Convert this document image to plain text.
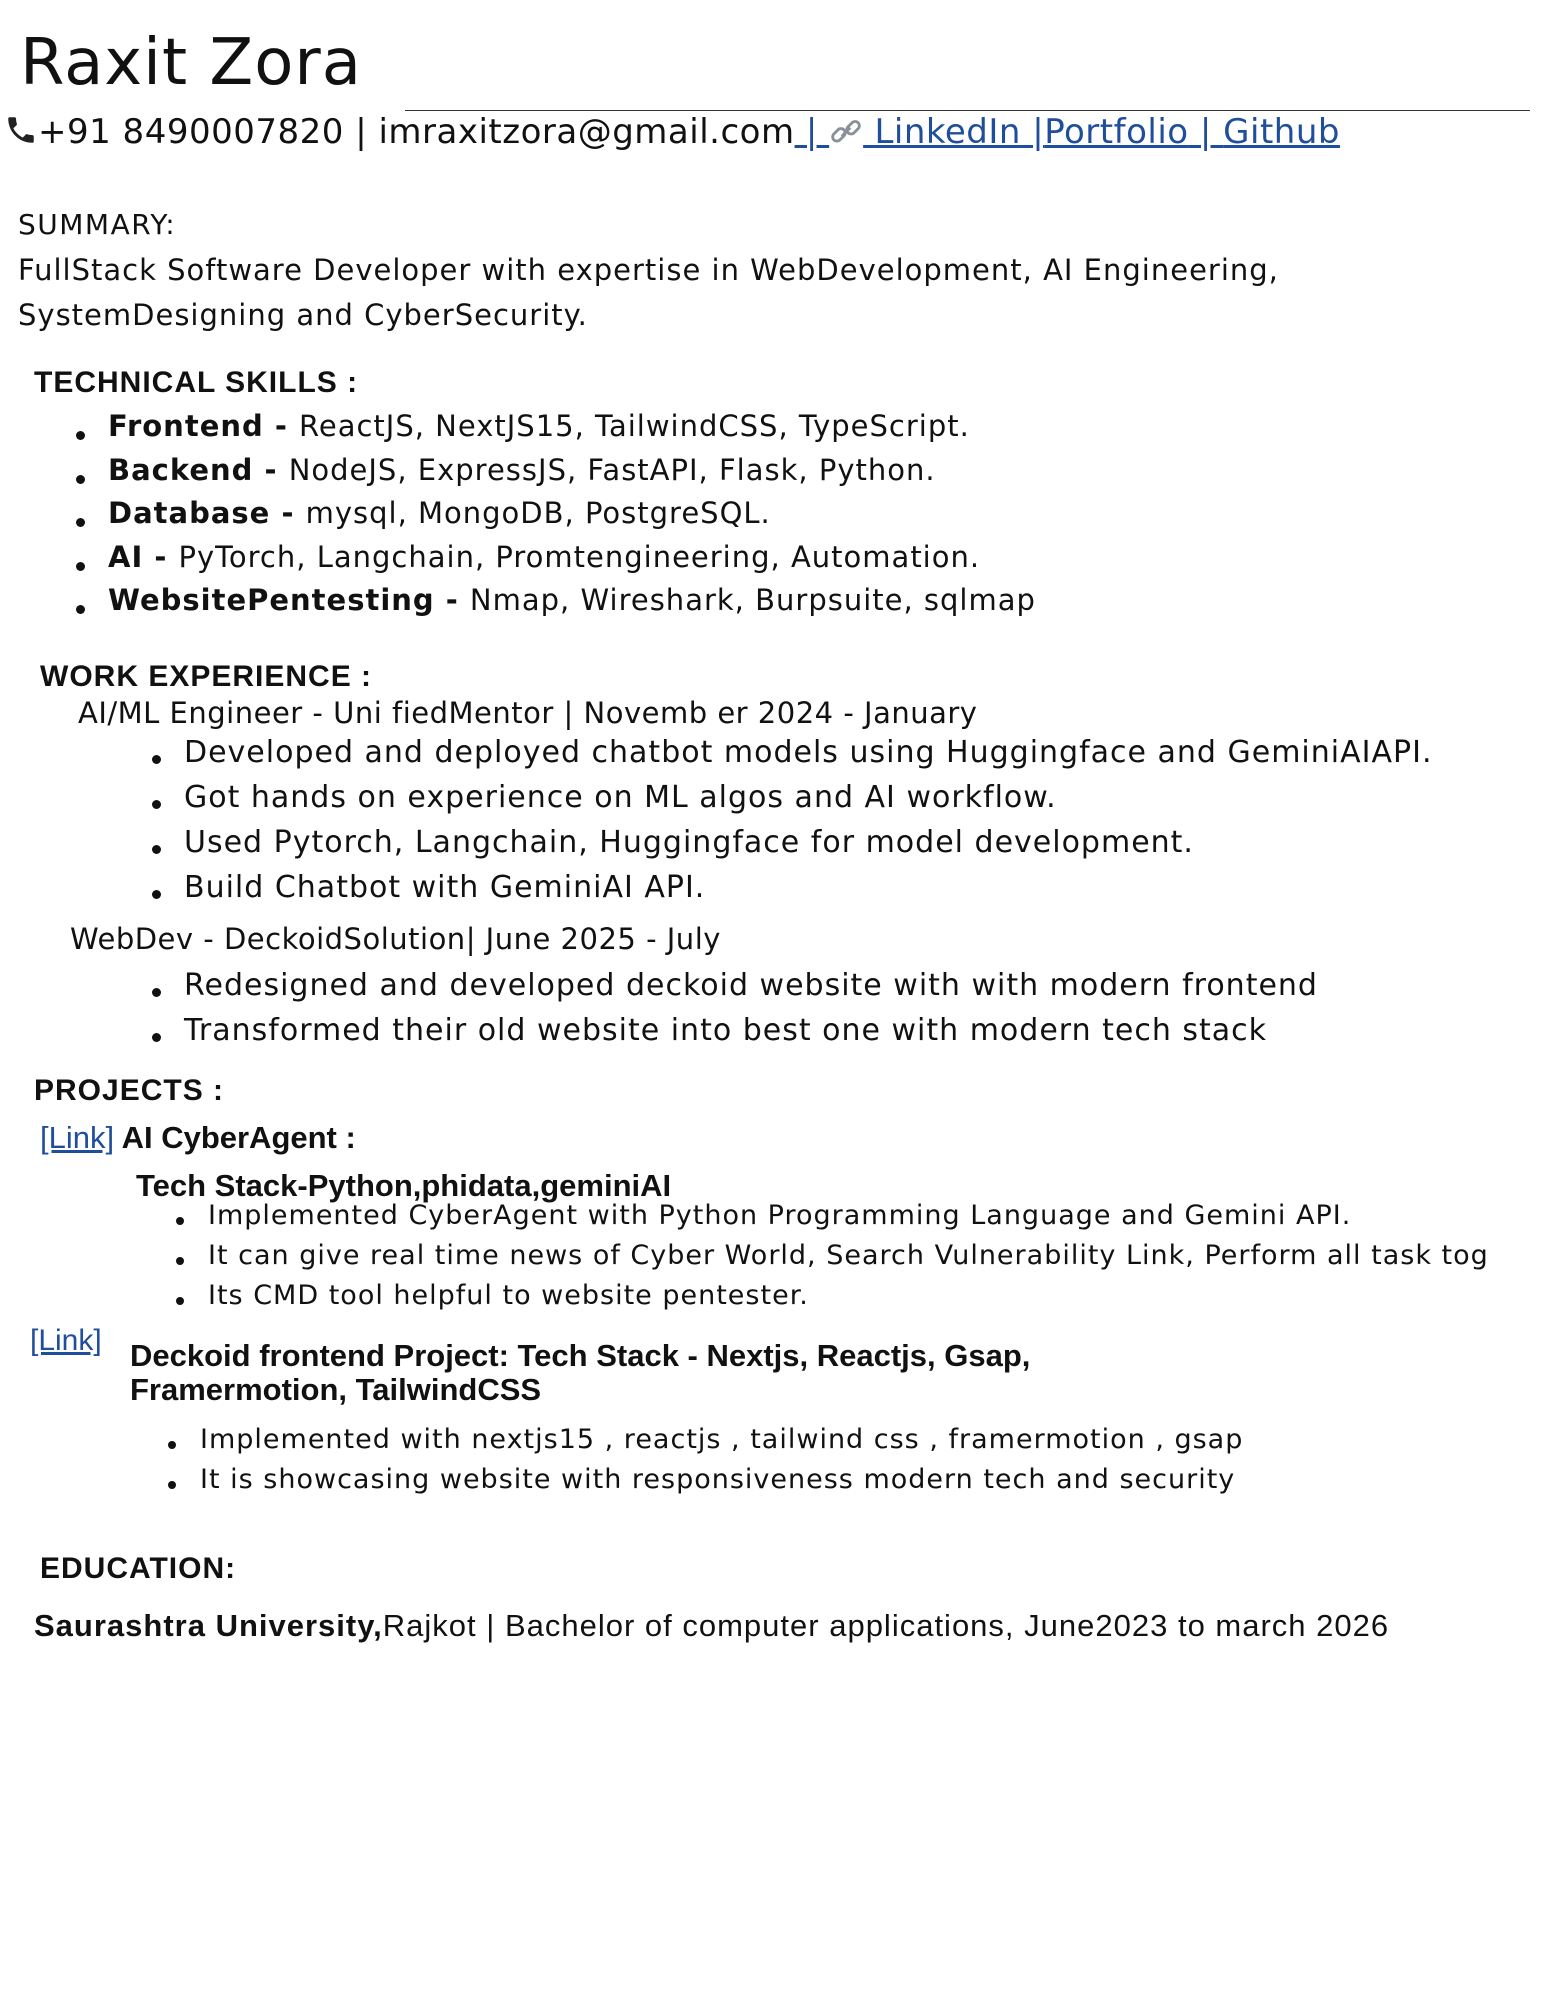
Raxit Zora
+91 8490007820 | imraxitzora@gmail.com |  LinkedIn |Portfolio | Github
SUMMARY:
FullStack Software Developer with expertise in WebDevelopment, AI Engineering, SystemDesigning and CyberSecurity.
TECHNICAL SKILLS :
Frontend - ReactJS, NextJS15, TailwindCSS, TypeScript.
Backend - NodeJS, ExpressJS, FastAPI, Flask, Python.
Database - mysql, MongoDB, PostgreSQL.
AI - PyTorch, Langchain, Promtengineering, Automation.
WebsitePentesting - Nmap, Wireshark, Burpsuite, sqlmap
WORK EXPERIENCE :
AI/ML Engineer - Uni fiedMentor | Novemb er 2024 - January
Developed and deployed chatbot models using Huggingface and GeminiAIAPI.
Got hands on experience on ML algos and AI workflow.
Used Pytorch, Langchain, Huggingface for model development.
Build Chatbot with GeminiAI API.
WebDev - DeckoidSolution| June 2025 - July
Redesigned and developed deckoid website with with modern frontend
Transformed their old website into best one with modern tech stack
PROJECTS :
[Link] AI CyberAgent :
Tech Stack-Python,phidata,geminiAI
Implemented CyberAgent with Python Programming Language and Gemini API.
It can give real time news of Cyber World, Search Vulnerability Link, Perform all task tog
Its CMD tool helpful to website pentester.
[Link] Deckoid frontend Project: Tech Stack - Nextjs, Reactjs, Gsap,
Framermotion, TailwindCSS
Implemented with nextjs15 , reactjs , tailwind css , framermotion , gsap
It is showcasing website with responsiveness modern tech and security
EDUCATION:
Saurashtra University,Rajkot | Bachelor of computer applications, June2023 to march 2026
